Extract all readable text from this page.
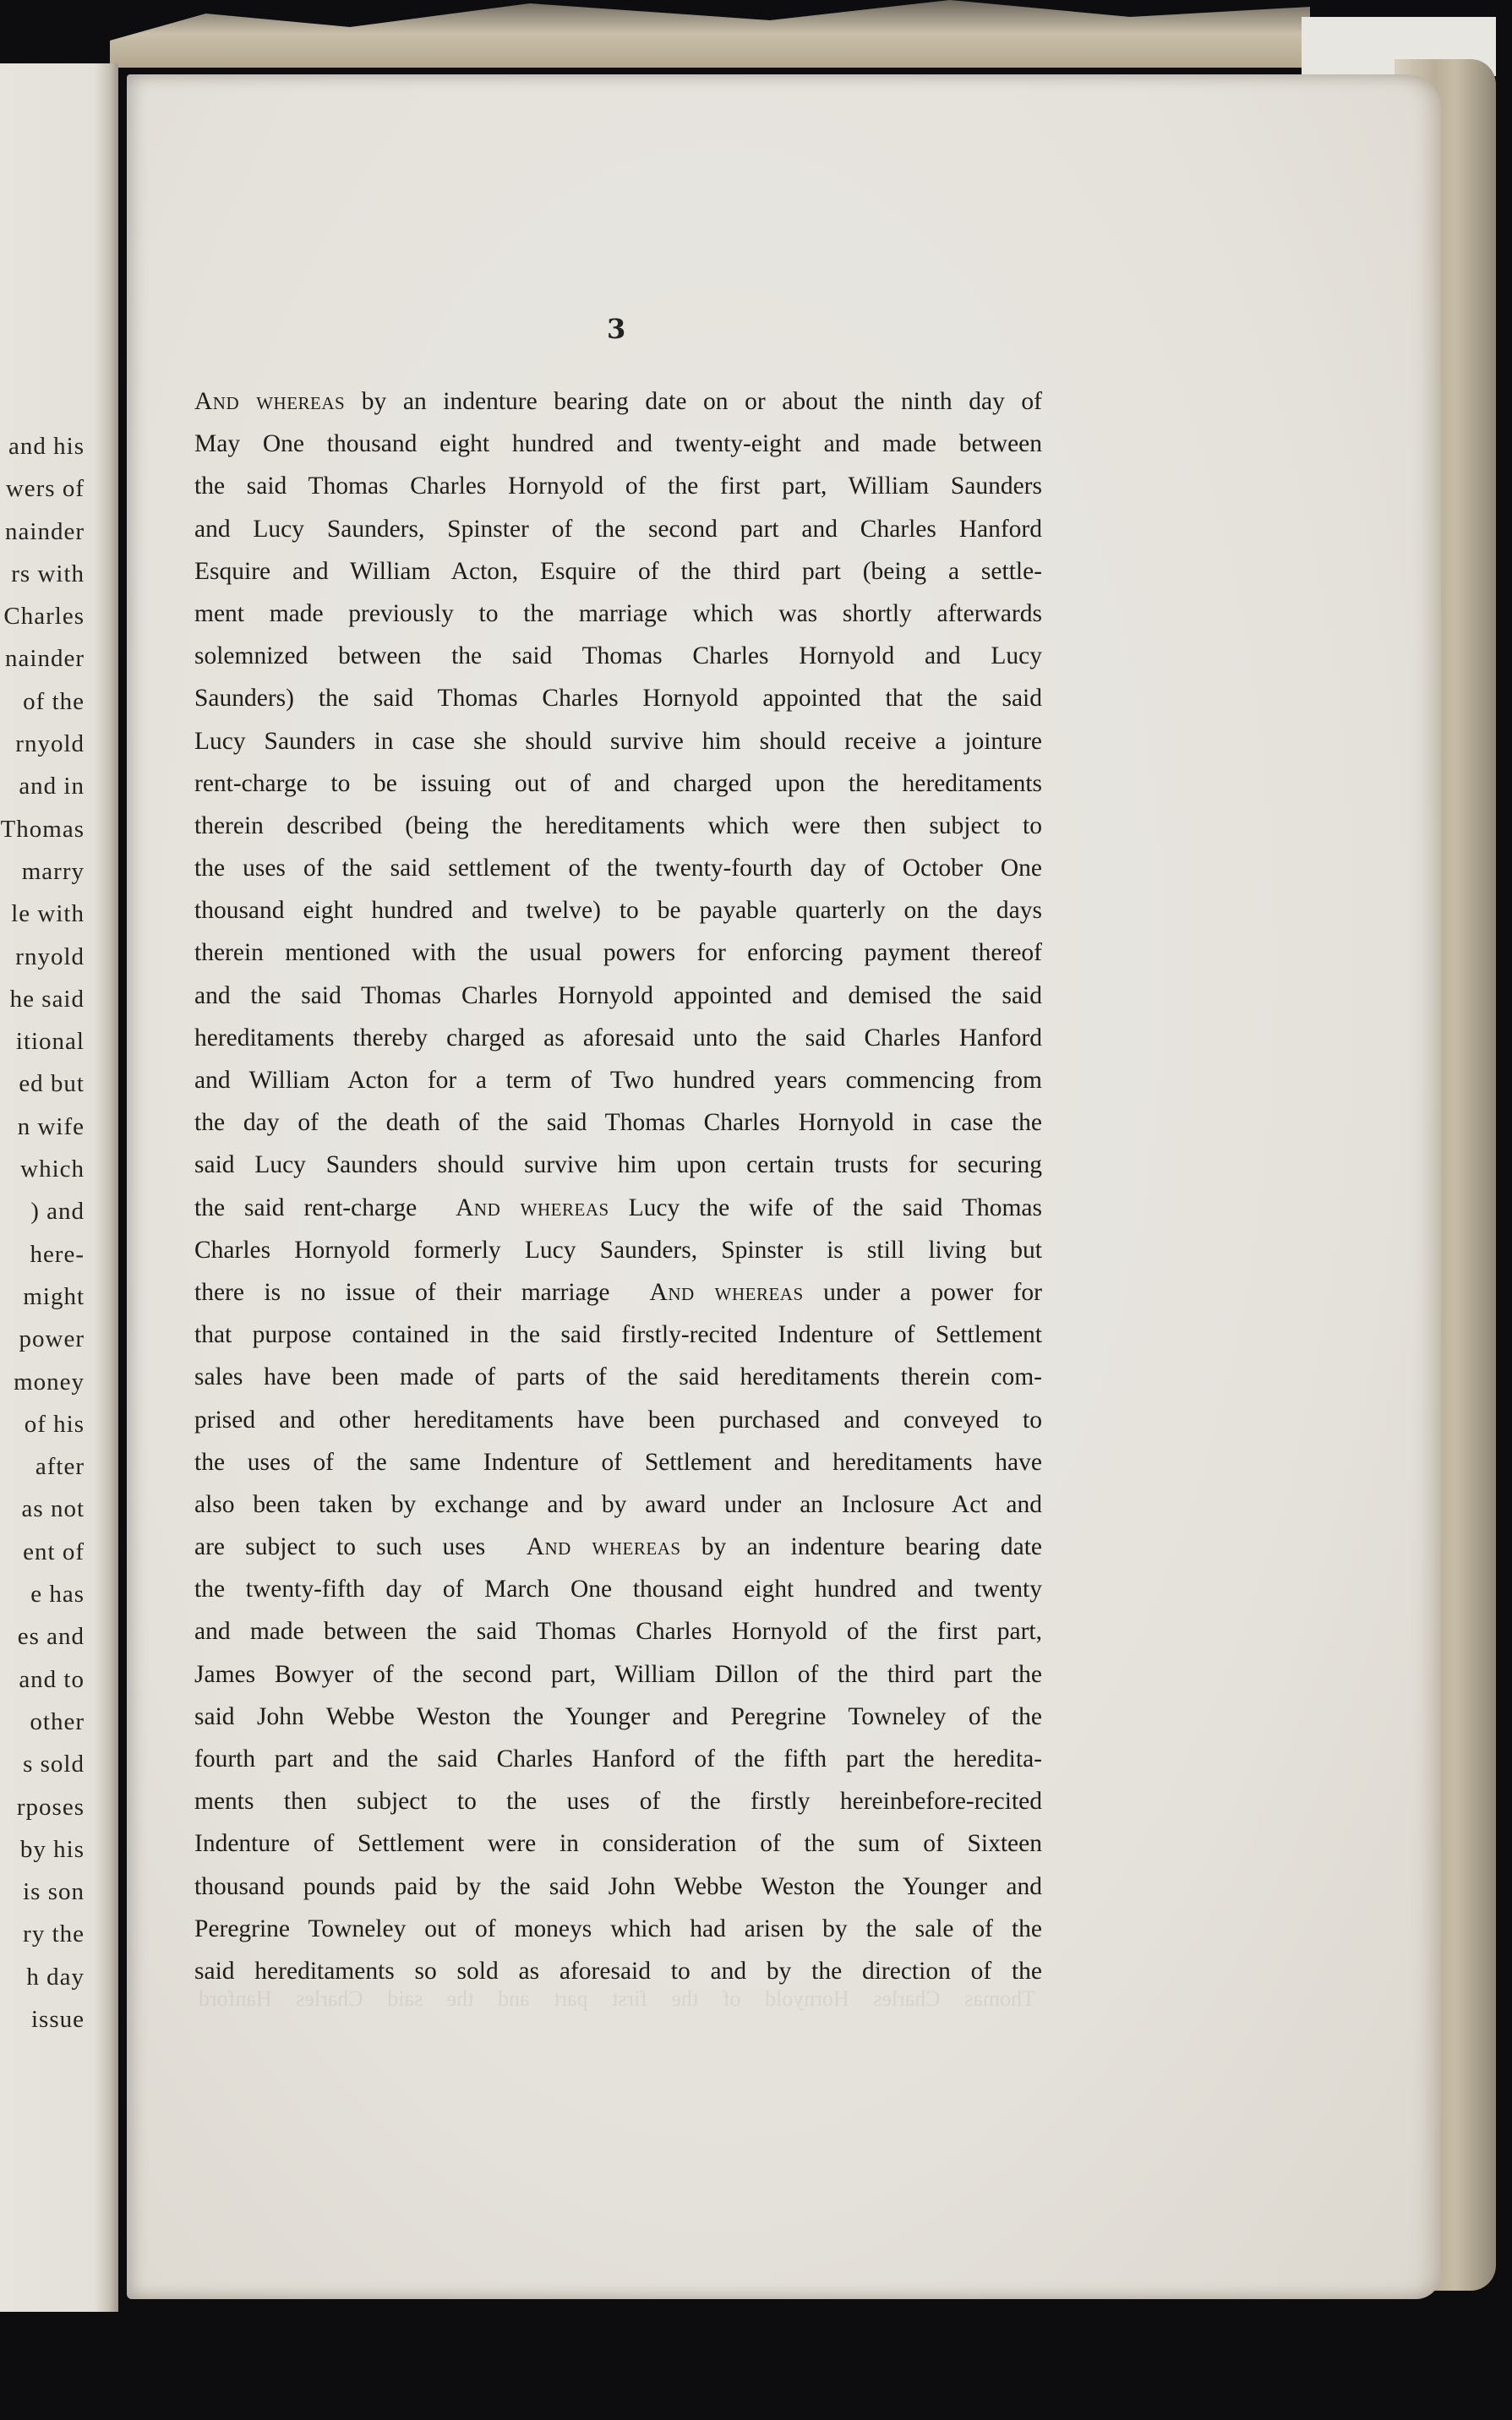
and his
wers of
nainder
rs with
Charles
nainder
of the
rnyold
and in
Thomas
marry
le with
rnyold
he said
itional
ed but
n wife
which
) and
here-
might
power
money
of his
after
as not
ent of
e has
es and
and to
other
s sold
rposes
by his
is son
ry the
h day
issue
3
And whereas by an indenture bearing date on or about the ninth day of
May One thousand eight hundred and twenty-eight and made between
the said Thomas Charles Hornyold of the first part, William Saunders
and Lucy Saunders, Spinster of the second part and Charles Hanford
Esquire and William Acton, Esquire of the third part (being a settle-
ment made previously to the marriage which was shortly afterwards
solemnized between the said Thomas Charles Hornyold and Lucy
Saunders) the said Thomas Charles Hornyold appointed that the said
Lucy Saunders in case she should survive him should receive a jointure
rent-charge to be issuing out of and charged upon the hereditaments
therein described (being the hereditaments which were then subject to
the uses of the said settlement of the twenty-fourth day of October One
thousand eight hundred and twelve) to be payable quarterly on the days
therein mentioned with the usual powers for enforcing payment thereof
and the said Thomas Charles Hornyold appointed and demised the said
hereditaments thereby charged as aforesaid unto the said Charles Hanford
and William Acton for a term of Two hundred years commencing from
the day of the death of the said Thomas Charles Hornyold in case the
said Lucy Saunders should survive him upon certain trusts for securing
the said rent-charge  And whereas Lucy the wife of the said Thomas
Charles Hornyold formerly Lucy Saunders, Spinster is still living but
there is no issue of their marriage  And whereas under a power for
that purpose contained in the said firstly-recited Indenture of Settlement
sales have been made of parts of the said hereditaments therein com-
prised and other hereditaments have been purchased and conveyed to
the uses of the same Indenture of Settlement and hereditaments have
also been taken by exchange and by award under an Inclosure Act and
are subject to such uses  And whereas by an indenture bearing date
the twenty-fifth day of March One thousand eight hundred and twenty
and made between the said Thomas Charles Hornyold of the first part,
James Bowyer of the second part, William Dillon of the third part the
said John Webbe Weston the Younger and Peregrine Towneley of the
fourth part and the said Charles Hanford of the fifth part the heredita-
ments then subject to the uses of the firstly hereinbefore-recited
Indenture of Settlement were in consideration of the sum of Sixteen
thousand pounds paid by the said John Webbe Weston the Younger and
Peregrine Towneley out of moneys which had arisen by the sale of the
said hereditaments so sold as aforesaid to and by the direction of the
Thomas Charles Hornyold of the first part and the said Charles Hanford
